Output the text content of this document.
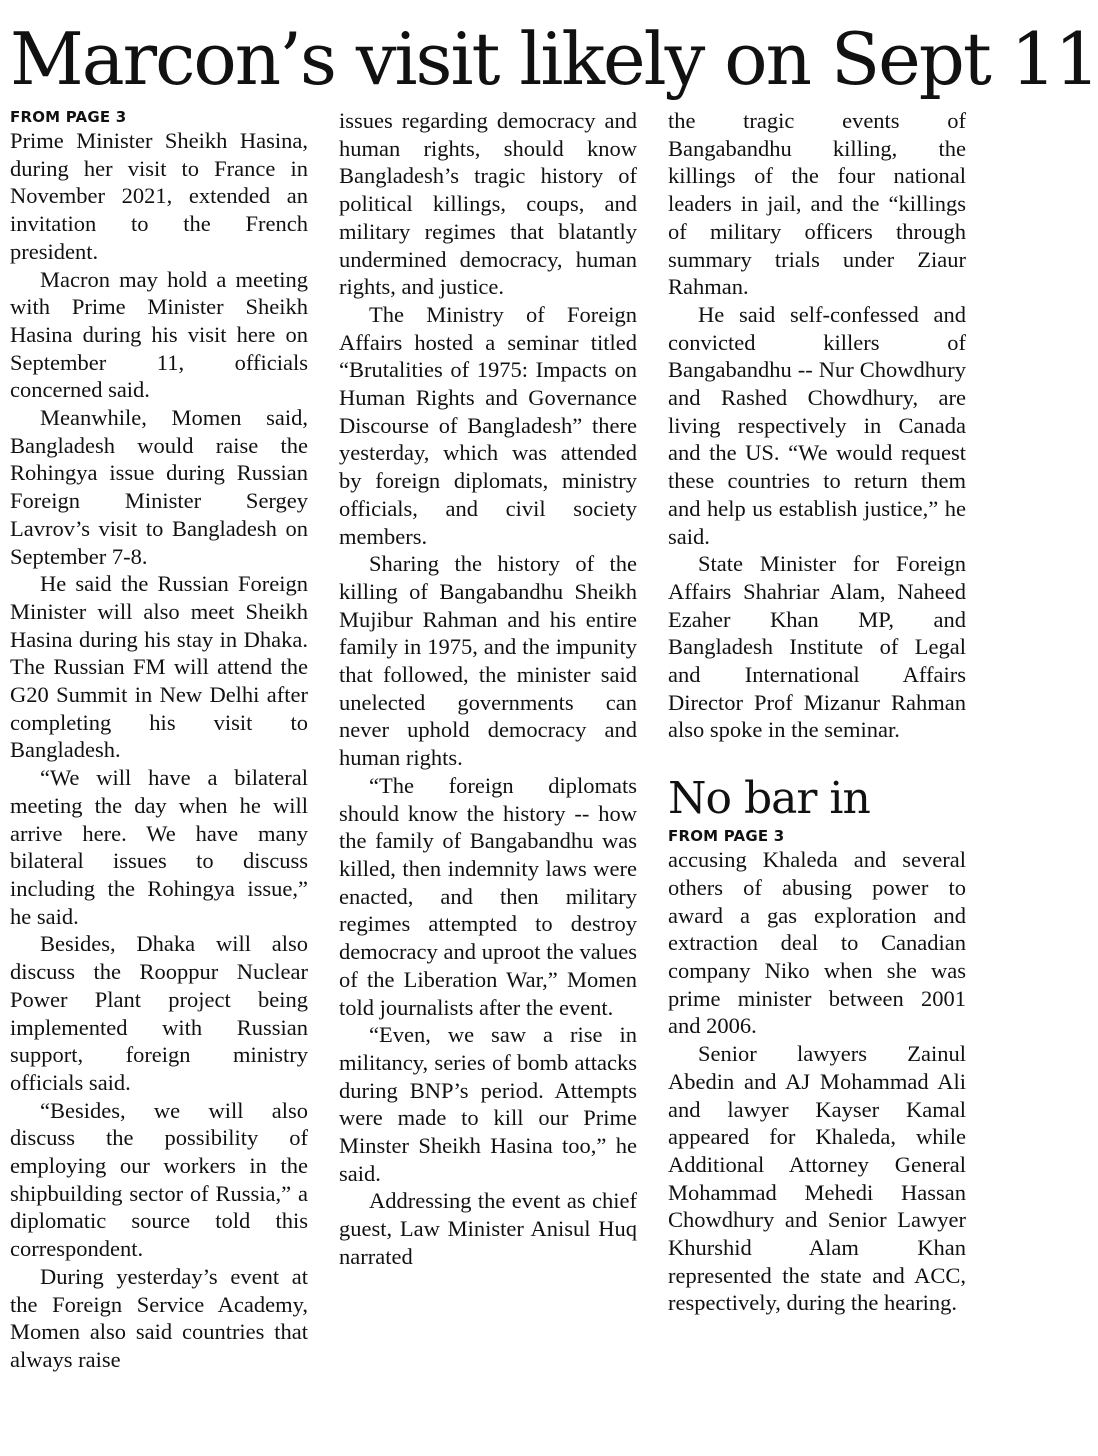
Marcon’s visit likely on Sept 11

FROM PAGE 3

Prime Minister Sheikh Hasina, during her visit to France in November 2021, extended an invitation to the French president.

Macron may hold a meeting with Prime Minister Sheikh Hasina during his visit here on September 11, officials concerned said.

Meanwhile, Momen said, Bangladesh would raise the Rohingya issue during Russian Foreign Minister Sergey Lavrov’s visit to Bangladesh on September 7-8.

He said the Russian Foreign Minister will also meet Sheikh Hasina during his stay in Dhaka. The Russian FM will attend the G20 Summit in New Delhi after completing his visit to Bangladesh.

“We will have a bilateral meeting the day when he will arrive here. We have many bilateral issues to discuss including the Rohingya issue,” he said.

Besides, Dhaka will also discuss the Rooppur Nuclear Power Plant project being implemented with Russian support, foreign ministry officials said.

“Besides, we will also discuss the possibility of employing our workers in the shipbuilding sector of Russia,” a diplomatic source told this correspondent.

During yesterday’s event at the Foreign Service Academy, Momen also said countries that always raise

issues regarding democracy and human rights, should know Bangladesh’s tragic history of political killings, coups, and military regimes that blatantly undermined democracy, human rights, and justice.

The Ministry of Foreign Affairs hosted a seminar titled “Brutalities of 1975: Impacts on Human Rights and Governance Discourse of Bangladesh” there yesterday, which was attended by foreign diplomats, ministry officials, and civil society members.

Sharing the history of the killing of Bangabandhu Sheikh Mujibur Rahman and his entire family in 1975, and the impunity that followed, the minister said unelected governments can never uphold democracy and human rights.

“The foreign diplomats should know the history -- how the family of Bangabandhu was killed, then indemnity laws were enacted, and then military regimes attempted to destroy democracy and uproot the values of the Liberation War,” Momen told journalists after the event.

“Even, we saw a rise in militancy, series of bomb attacks during BNP’s period. Attempts were made to kill our Prime Minster Sheikh Hasina too,” he said.

Addressing the event as chief guest, Law Minister Anisul Huq narrated

the tragic events of Bangabandhu killing, the killings of the four national leaders in jail, and the “killings of military officers through summary trials under Ziaur Rahman.

He said self-confessed and convicted killers of Bangabandhu -- Nur Chowdhury and Rashed Chowdhury, are living respectively in Canada and the US. “We would request these countries to return them and help us establish justice,” he said.

State Minister for Foreign Affairs Shahriar Alam, Naheed Ezaher Khan MP, and Bangladesh Institute of Legal and International Affairs Director Prof Mizanur Rahman also spoke in the seminar.

No bar in

FROM PAGE 3

accusing Khaleda and several others of abusing power to award a gas exploration and extraction deal to Canadian company Niko when she was prime minister between 2001 and 2006.

Senior lawyers Zainul Abedin and AJ Mohammad Ali and lawyer Kayser Kamal appeared for Khaleda, while Additional Attorney General Mohammad Mehedi Hassan Chowdhury and Senior Lawyer Khurshid Alam Khan represented the state and ACC, respectively, during the hearing.
